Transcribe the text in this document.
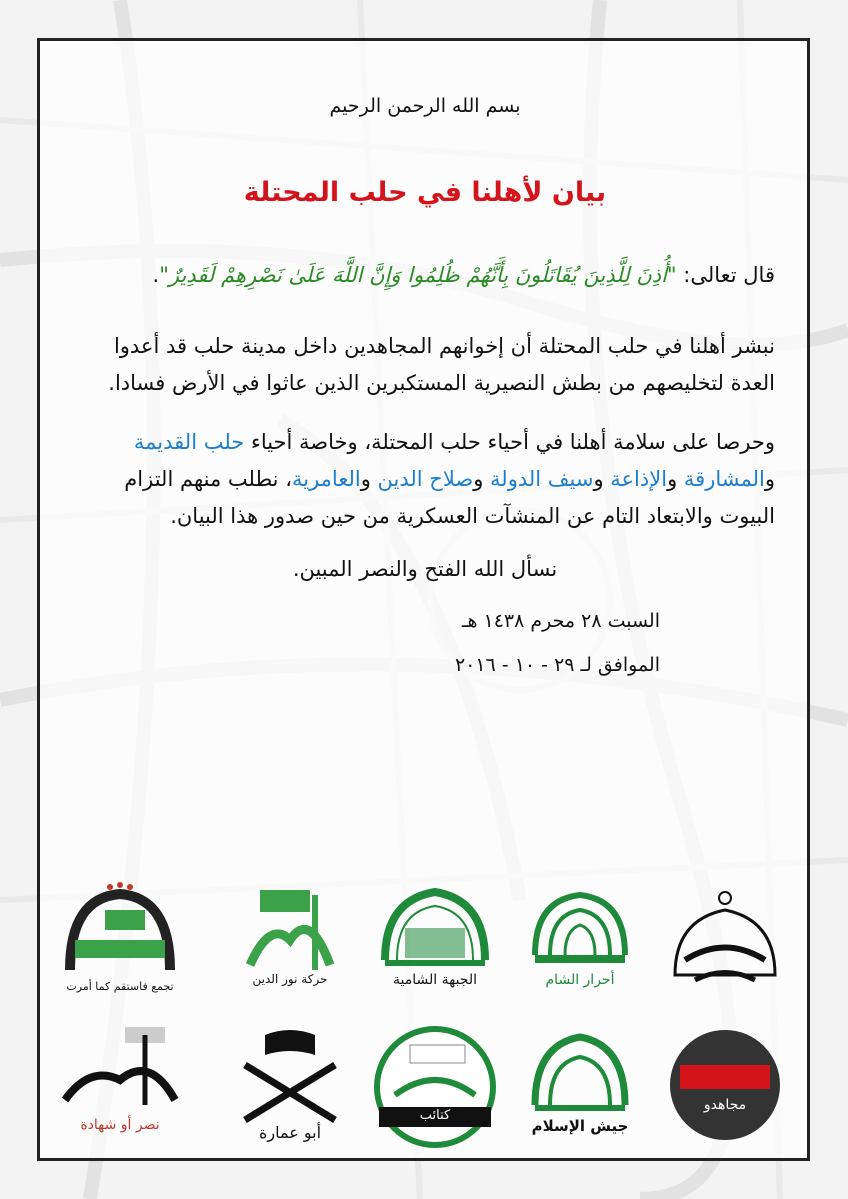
بسم الله الرحمن الرحيم
بيان لأهلنا في حلب المحتلة
قال تعالى: "أُذِنَ لِلَّذِينَ يُقَاتَلُونَ بِأَنَّهُمْ ظُلِمُوا وَإِنَّ اللَّهَ عَلَىٰ نَصْرِهِمْ لَقَدِيرٌ".
نبشر أهلنا في حلب المحتلة أن إخوانهم المجاهدين داخل مدينة حلب قد أعدوا العدة لتخليصهم من بطش النصيرية المستكبرين الذين عاثوا في الأرض فسادا.
وحرصا على سلامة أهلنا في أحياء حلب المحتلة، وخاصة أحياء حلب القديمة والمشارقة والإذاعة وسيف الدولة وصلاح الدين والعامرية، نطلب منهم التزام البيوت والابتعاد التام عن المنشآت العسكرية من حين صدور هذا البيان.
نسأل الله الفتح والنصر المبين.
السبت ٢٨ محرم ١٤٣٨ هـ
الموافق لـ ٢٩ - ١٠ - ٢٠١٦
أحرار الشام
الجبهة الشامية
حركة نور الدين
تجمع فاستقم كما أمرت
مجاهدو
جيش الإسلام
كتائب
أبو عمارة
نصر أو شهادة
